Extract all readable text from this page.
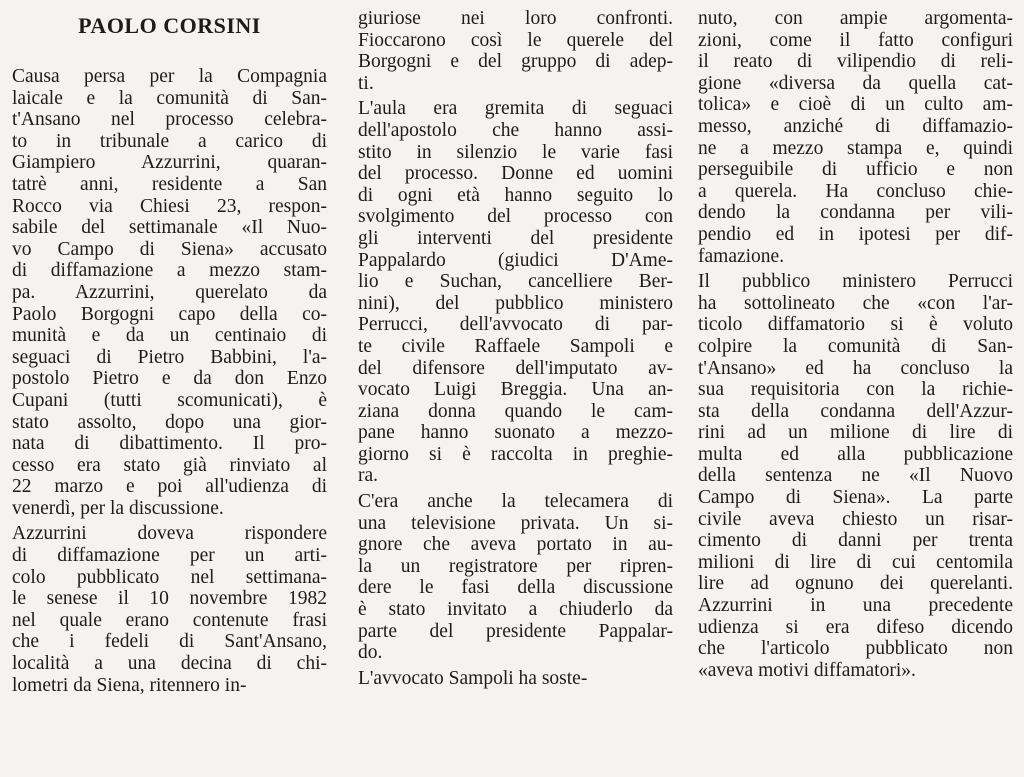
PAOLO CORSINI
Causa persa per la Compagnia
laicale e la comunità di San-
t'Ansano nel processo celebra-
to in tribunale a carico di
Giampiero Azzurrini, quaran-
tatrè anni, residente a San
Rocco via Chiesi 23, respon-
sabile del settimanale «Il Nuo-
vo Campo di Siena» accusato
di diffamazione a mezzo stam-
pa. Azzurrini, querelato da
Paolo Borgogni capo della co-
munità e da un centinaio di
seguaci di Pietro Babbini, l'a-
postolo Pietro e da don Enzo
Cupani (tutti scomunicati), è
stato assolto, dopo una gior-
nata di dibattimento. Il pro-
cesso era stato già rinviato al
22 marzo e poi all'udienza di
venerdì, per la discussione.
Azzurrini doveva rispondere
di diffamazione per un arti-
colo pubblicato nel settimana-
le senese il 10 novembre 1982
nel quale erano contenute frasi
che i fedeli di Sant'Ansano,
località a una decina di chi-
lometri da Siena, ritennero in-
giuriose nei loro confronti.
Fioccarono così le querele del
Borgogni e del gruppo di adep-
ti.
L'aula era gremita di seguaci
dell'apostolo che hanno assi-
stito in silenzio le varie fasi
del processo. Donne ed uomini
di ogni età hanno seguito lo
svolgimento del processo con
gli interventi del presidente
Pappalardo (giudici D'Ame-
lio e Suchan, cancelliere Ber-
nini), del pubblico ministero
Perrucci, dell'avvocato di par-
te civile Raffaele Sampoli e
del difensore dell'imputato av-
vocato Luigi Breggia. Una an-
ziana donna quando le cam-
pane hanno suonato a mezzo-
giorno si è raccolta in preghie-
ra.
C'era anche la telecamera di
una televisione privata. Un si-
gnore che aveva portato in au-
la un registratore per ripren-
dere le fasi della discussione
è stato invitato a chiuderlo da
parte del presidente Pappalar-
do.
L'avvocato Sampoli ha soste-
nuto, con ampie argomenta-
zioni, come il fatto configuri
il reato di vilipendio di reli-
gione «diversa da quella cat-
tolica» e cioè di un culto am-
messo, anziché di diffamazio-
ne a mezzo stampa e, quindi
perseguibile di ufficio e non
a querela. Ha concluso chie-
dendo la condanna per vili-
pendio ed in ipotesi per dif-
famazione.
Il pubblico ministero Perrucci
ha sottolineato che «con l'ar-
ticolo diffamatorio si è voluto
colpire la comunità di San-
t'Ansano» ed ha concluso la
sua requisitoria con la richie-
sta della condanna dell'Azzur-
rini ad un milione di lire di
multa ed alla pubblicazione
della sentenza ne «Il Nuovo
Campo di Siena». La parte
civile aveva chiesto un risar-
cimento di danni per trenta
milioni di lire di cui centomila
lire ad ognuno dei querelanti.
Azzurrini in una precedente
udienza si era difeso dicendo
che l'articolo pubblicato non
«aveva motivi diffamatori».
